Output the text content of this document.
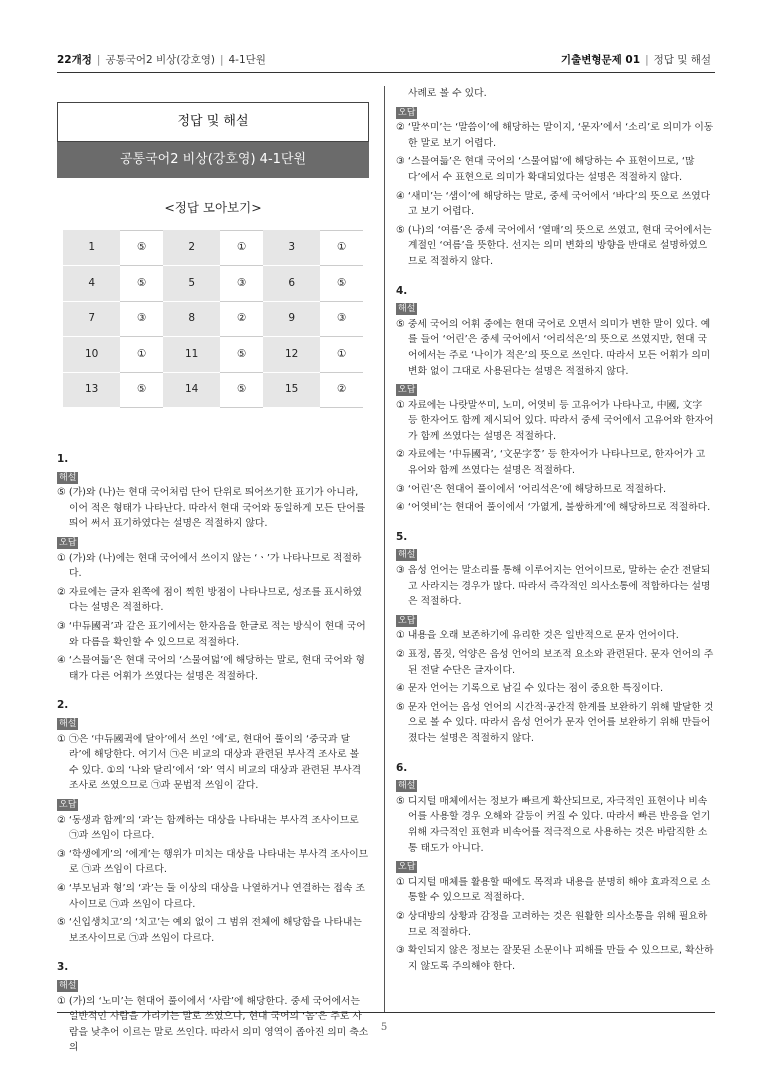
22개정 | 공통국어2 비상(강호영) | 4-1단원	기출변형문제 01 | 정답 및 해설
정답 및 해설
공통국어2 비상(강호영) 4-1단원
<정답 모아보기>
1	⑤	2	①	3	①
4	⑤	5	③	6	⑤
7	③	8	②	9	③
10	①	11	⑤	12	①
13	⑤	14	⑤	15	②
1.
해설
⑤ (가)와 (나)는 현대 국어처럼 단어 단위로 띄어쓰기한 표기가 아니라, 이어 적은 형태가 나타난다. 따라서 현대 국어와 동일하게 모든 단어를 띄어 써서 표기하였다는 설명은 적절하지 않다.
오답
① (가)와 (나)에는 현대 국어에서 쓰이지 않는 ‘ㆍ’가 나타나므로 적절하다.
② 자료에는 글자 왼쪽에 점이 찍힌 방점이 나타나므로, 성조를 표시하였다는 설명은 적절하다.
③ ‘中듀國귁’과 같은 표기에서는 한자음을 한글로 적는 방식이 현대 국어와 다름을 확인할 수 있으므로 적절하다.
④ ‘스믈여듧’은 현대 국어의 ‘스물여덟’에 해당하는 말로, 현대 국어와 형태가 다른 어휘가 쓰였다는 설명은 적절하다.
2.
해설
① ㉠은 ‘中듀國귁에 달아’에서 쓰인 ‘에’로, 현대어 풀이의 ‘중국과 달라’에 해당한다. 여기서 ㉠은 비교의 대상과 관련된 부사격 조사로 볼 수 있다. ①의 ‘나와 달리’에서 ‘와’ 역시 비교의 대상과 관련된 부사격 조사로 쓰였으므로 ㉠과 문법적 쓰임이 같다.
오답
② ‘동생과 함께’의 ‘과’는 함께하는 대상을 나타내는 부사격 조사이므로 ㉠과 쓰임이 다르다.
③ ‘학생에게’의 ‘에게’는 행위가 미치는 대상을 나타내는 부사격 조사이므로 ㉠과 쓰임이 다르다.
④ ‘부모님과 형’의 ‘과’는 둘 이상의 대상을 나열하거나 연결하는 접속 조사이므로 ㉠과 쓰임이 다르다.
⑤ ‘신입생치고’의 ‘치고’는 예외 없이 그 범위 전체에 해당함을 나타내는 보조사이므로 ㉠과 쓰임이 다르다.
3.
해설
① (가)의 ‘노미’는 현대어 풀이에서 ‘사람’에 해당한다. 중세 국어에서는 일반적인 사람을 가리키는 말로 쓰였으나, 현대 국어의 ‘놈’은 주로 사람을 낮추어 이르는 말로 쓰인다. 따라서 의미 영역이 좁아진 의미 축소의
사례로 볼 수 있다.
오답
② ‘말ᄊᆞ미’는 ‘말씀이’에 해당하는 말이지, ‘문자’에서 ‘소리’로 의미가 이동한 말로 보기 어렵다.
③ ‘스믈여듧’은 현대 국어의 ‘스물여덟’에 해당하는 수 표현이므로, ‘많다’에서 수 표현으로 의미가 확대되었다는 설명은 적절하지 않다.
④ ‘새미’는 ‘샘이’에 해당하는 말로, 중세 국어에서 ‘바다’의 뜻으로 쓰였다고 보기 어렵다.
⑤ (나)의 ‘여름’은 중세 국어에서 ‘열매’의 뜻으로 쓰였고, 현대 국어에서는 계절인 ‘여름’을 뜻한다. 선지는 의미 변화의 방향을 반대로 설명하였으므로 적절하지 않다.
4.
해설
⑤ 중세 국어의 어휘 중에는 현대 국어로 오면서 의미가 변한 말이 있다. 예를 들어 ‘어린’은 중세 국어에서 ‘어리석은’의 뜻으로 쓰였지만, 현대 국어에서는 주로 ‘나이가 적은’의 뜻으로 쓰인다. 따라서 모든 어휘가 의미 변화 없이 그대로 사용된다는 설명은 적절하지 않다.
오답
① 자료에는 나랏말ᄊᆞ미, 노미, 어엿비 등 고유어가 나타나고, 中國, 文字 등 한자어도 함께 제시되어 있다. 따라서 중세 국어에서 고유어와 한자어가 함께 쓰였다는 설명은 적절하다.
② 자료에는 ‘中듀國귁’, ‘文문字ᄍᆞᆼ’ 등 한자어가 나타나므로, 한자어가 고유어와 함께 쓰였다는 설명은 적절하다.
③ ‘어린’은 현대어 풀이에서 ‘어리석은’에 해당하므로 적절하다.
④ ‘어엿비’는 현대어 풀이에서 ‘가엾게, 불쌍하게’에 해당하므로 적절하다.
5.
해설
③ 음성 언어는 말소리를 통해 이루어지는 언어이므로, 말하는 순간 전달되고 사라지는 경우가 많다. 따라서 즉각적인 의사소통에 적합하다는 설명은 적절하다.
오답
① 내용을 오래 보존하기에 유리한 것은 일반적으로 문자 언어이다.
② 표정, 몸짓, 억양은 음성 언어의 보조적 요소와 관련된다. 문자 언어의 주된 전달 수단은 글자이다.
④ 문자 언어는 기록으로 남길 수 있다는 점이 중요한 특징이다.
⑤ 문자 언어는 음성 언어의 시간적·공간적 한계를 보완하기 위해 발달한 것으로 볼 수 있다. 따라서 음성 언어가 문자 언어를 보완하기 위해 만들어졌다는 설명은 적절하지 않다.
6.
해설
⑤ 디지털 매체에서는 정보가 빠르게 확산되므로, 자극적인 표현이나 비속어를 사용할 경우 오해와 갈등이 커질 수 있다. 따라서 빠른 반응을 얻기 위해 자극적인 표현과 비속어를 적극적으로 사용하는 것은 바람직한 소통 태도가 아니다.
오답
① 디지털 매체를 활용할 때에도 목적과 내용을 분명히 해야 효과적으로 소통할 수 있으므로 적절하다.
② 상대방의 상황과 감정을 고려하는 것은 원활한 의사소통을 위해 필요하므로 적절하다.
③ 확인되지 않은 정보는 잘못된 소문이나 피해를 만들 수 있으므로, 확산하지 않도록 주의해야 한다.
5
